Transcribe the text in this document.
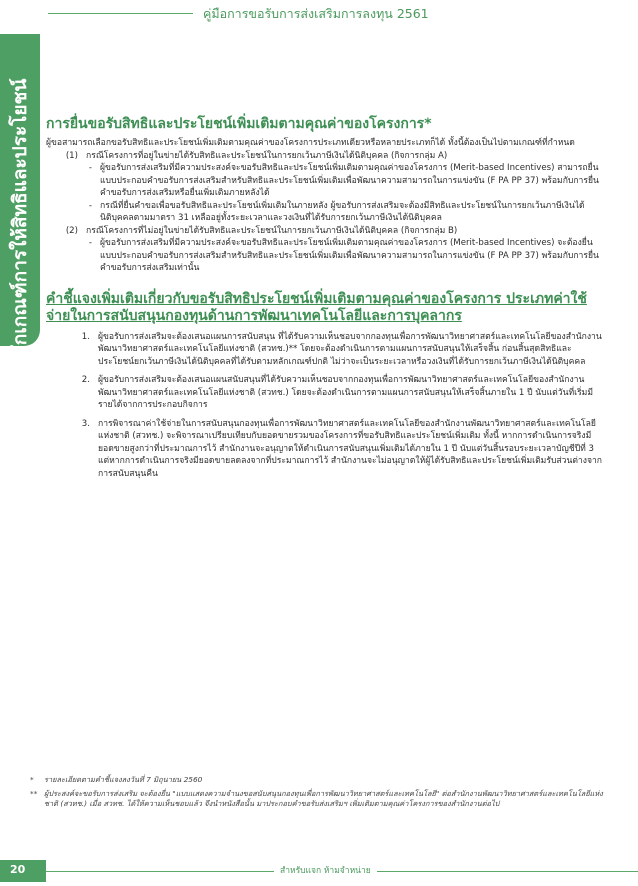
คู่มือการขอรับการส่งเสริมการลงทุน 2561
หลักเกณฑ์การให้สิทธิและประโยชน์ การยื่นขอรับสิทธิและประโยชน์เพิ่มเติมตามคุณค่าของโครงการ*

ผู้ขอสามารถเลือกขอรับสิทธิและประโยชน์เพิ่มเติมตามคุณค่าของโครงการประเภทเดียวหรือหลายประเภทก็ได้ ทั้งนี้ต้องเป็นไปตามเกณฑ์ที่กำหนด

(1) กรณีโครงการที่อยู่ในข่ายได้รับสิทธิและประโยชน์ในการยกเว้นภาษีเงินได้นิติบุคคล (กิจการกลุ่ม A)
- ผู้ขอรับการส่งเสริมที่มีความประสงค์จะขอรับสิทธิและประโยชน์เพิ่มเติมตามคุณค่าของโครงการ (Merit-based Incentives) สามารถยื่นแบบประกอบคำขอรับการส่งเสริมสำหรับสิทธิและประโยชน์เพิ่มเติมเพื่อพัฒนาความสามารถในการแข่งขัน (F PA PP 37) พร้อมกับการยื่นคำขอรับการส่งเสริมหรือยื่นเพิ่มเติมภายหลังได้
- กรณีที่ยื่นคำขอเพื่อขอรับสิทธิและประโยชน์เพิ่มเติมในภายหลัง ผู้ขอรับการส่งเสริมจะต้องมีสิทธิและประโยชน์ในการยกเว้นภาษีเงินได้นิติบุคคลตามมาตรา 31 เหลืออยู่ทั้งระยะเวลาและวงเงินที่ได้รับการยกเว้นภาษีเงินได้นิติบุคคล
(2) กรณีโครงการที่ไม่อยู่ในข่ายได้รับสิทธิและประโยชน์ในการยกเว้นภาษีเงินได้นิติบุคคล (กิจการกลุ่ม B)
- ผู้ขอรับการส่งเสริมที่มีความประสงค์จะขอรับสิทธิและประโยชน์เพิ่มเติมตามคุณค่าของโครงการ (Merit-based Incentives) จะต้องยื่นแบบประกอบคำขอรับการส่งเสริมสำหรับสิทธิและประโยชน์เพิ่มเติมเพื่อพัฒนาความสามารถในการแข่งขัน (F PA PP 37) พร้อมกับการยื่นคำขอรับการส่งเสริมเท่านั้น
คำชี้แจงเพิ่มเติมเกี่ยวกับขอรับสิทธิประโยชน์เพิ่มเติมตามคุณค่าของโครงการ ประเภทค่าใช้จ่ายในการสนับสนุนกองทุนด้านการพัฒนาเทคโนโลยีและการบุคลากร
1. ผู้ขอรับการส่งเสริมจะต้องเสนอแผนการสนับสนุน ที่ได้รับความเห็นชอบจากกองทุนเพื่อการพัฒนาวิทยาศาสตร์และเทคโนโลยีของสำนักงานพัฒนาวิทยาศาสตร์และเทคโนโลยีแห่งชาติ (สวทช.)** โดยจะต้องดำเนินการตามแผนการสนับสนุนให้เสร็จสิ้น ก่อนสิ้นสุดสิทธิและประโยชน์ยกเว้นภาษีเงินได้นิติบุคคลที่ได้รับตามหลักเกณฑ์ปกติ ไม่ว่าจะเป็นระยะเวลาหรือวงเงินที่ได้รับการยกเว้นภาษีเงินได้นิติบุคคล
2. ผู้ขอรับการส่งเสริมจะต้องเสนอแผนสนับสนุนที่ได้รับความเห็นชอบจากกองทุนเพื่อการพัฒนาวิทยาศาสตร์และเทคโนโลยีของสำนักงานพัฒนาวิทยาศาสตร์และเทคโนโลยีแห่งชาติ (สวทช.) โดยจะต้องดำเนินการตามแผนการสนับสนุนให้เสร็จสิ้นภายใน 1 ปี นับแต่วันที่เริ่มมีรายได้จากการประกอบกิจการ
3. การพิจารณาค่าใช้จ่ายในการสนับสนุนกองทุนเพื่อการพัฒนาวิทยาศาสตร์และเทคโนโลยีของสำนักงานพัฒนาวิทยาศาสตร์และเทคโนโลยีแห่งชาติ (สวทช.) จะพิจารณาเปรียบเทียบกับยอดขายรวมของโครงการที่ขอรับสิทธิและประโยชน์เพิ่มเติม ทั้งนี้ หากการดำเนินการจริงมียอดขายสูงกว่าที่ประมาณการไว้ สำนักงานจะอนุญาตให้ดำเนินการสนับสนุนเพิ่มเติมได้ภายใน 1 ปี นับแต่วันสิ้นรอบระยะเวลาบัญชีปีที่ 3 แต่หากการดำเนินการจริงมียอดขายลดลงจากที่ประมาณการไว้ สำนักงานจะไม่อนุญาตให้ผู้ได้รับสิทธิและประโยชน์เพิ่มเติมรับส่วนต่างจากการสนับสนุนคืน
*	รายละเอียดตามคำชี้แจงลงวันที่ 7 มิถุนายน 2560
** ผู้ประสงค์จะขอรับการส่งเสริม จะต้องยื่น "แบบแสดงความจำนงขอสนับสนุนกองทุนเพื่อการพัฒนาวิทยาศาสตร์และเทคโนโลยี" ต่อสำนักงานพัฒนาวิทยาศาสตร์และเทคโนโลยีแห่งชาติ (สวทช.) เมื่อ สวทช. ได้ให้ความเห็นชอบแล้ว จึงนำหนังสือนั้น มาประกอบคำขอรับส่งเสริมฯ เพิ่มเติมตามคุณค่าโครงการของสำนักงานต่อไป
20	สำหรับแจก ห้ามจำหน่าย
